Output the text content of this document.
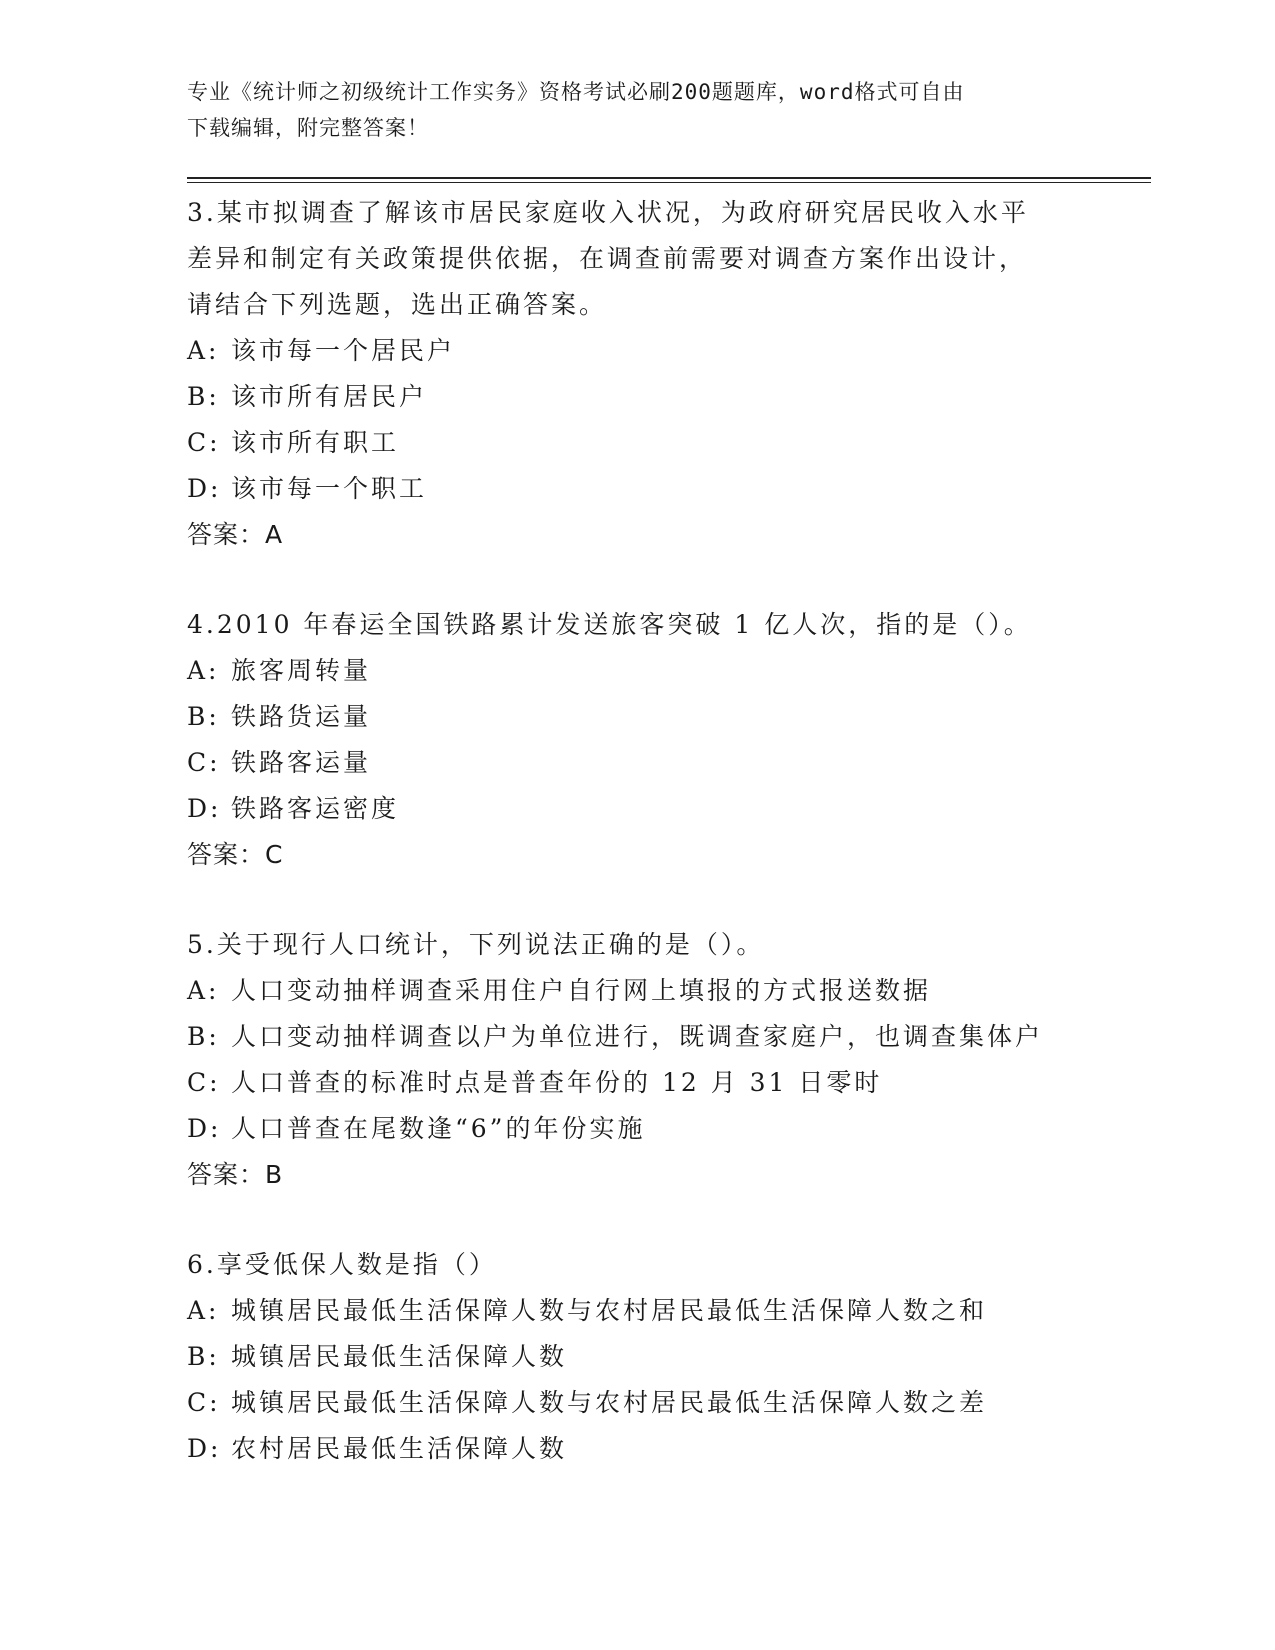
专业《统计师之初级统计工作实务》资格考试必刷200题题库，word格式可自由
下载编辑，附完整答案！

3.某市拟调查了解该市居民家庭收入状况，为政府研究居民收入水平

差异和制定有关政策提供依据，在调查前需要对调查方案作出设计，

请结合下列选题，选出正确答案。

A: 该市每一个居民户

B: 该市所有居民户

C: 该市所有职工

D: 该市每一个职工

答案：A

4.2010 年春运全国铁路累计发送旅客突破 1 亿人次，指的是（）。

A: 旅客周转量

B: 铁路货运量

C: 铁路客运量

D: 铁路客运密度

答案：C

5.关于现行人口统计，下列说法正确的是（）。

A: 人口变动抽样调查采用住户自行网上填报的方式报送数据

B: 人口变动抽样调查以户为单位进行，既调查家庭户，也调查集体户

C: 人口普查的标准时点是普查年份的 12 月 31 日零时

D: 人口普查在尾数逢“6”的年份实施

答案：B

6.享受低保人数是指（）

A: 城镇居民最低生活保障人数与农村居民最低生活保障人数之和

B: 城镇居民最低生活保障人数

C: 城镇居民最低生活保障人数与农村居民最低生活保障人数之差

D: 农村居民最低生活保障人数
